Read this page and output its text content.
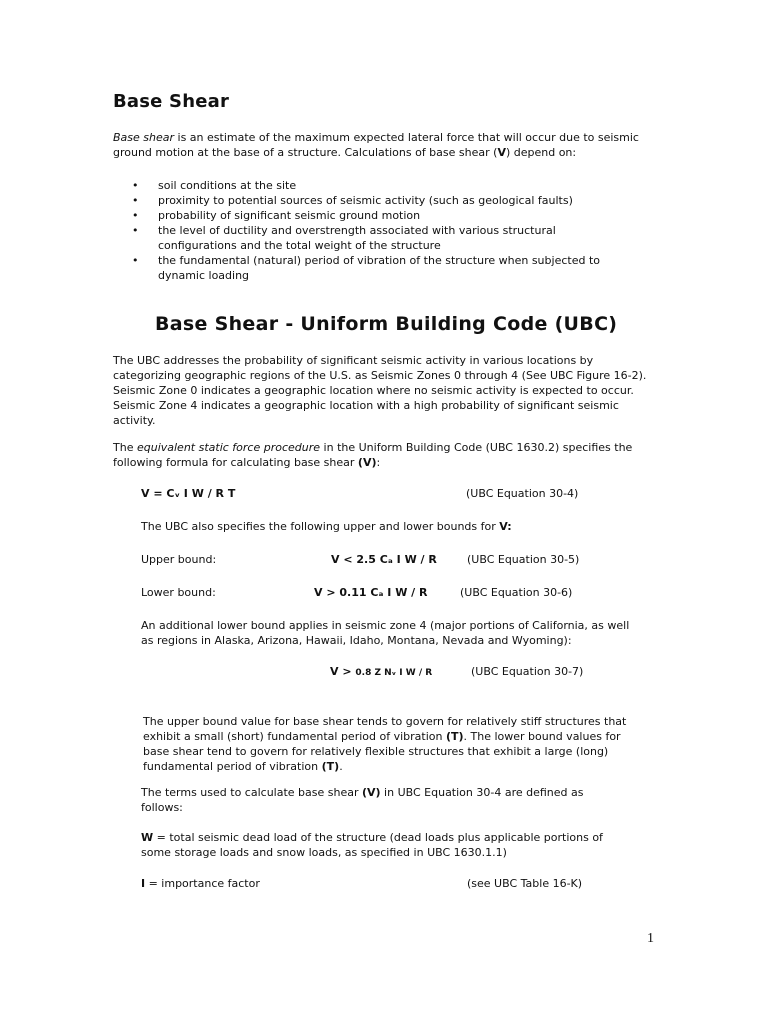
Base Shear

Base shear is an estimate of the maximum expected lateral force that will occur due to seismic ground motion at the base of a structure. Calculations of base shear (V) depend on:

• soil conditions at the site
• proximity to potential sources of seismic activity (such as geological faults)
• probability of significant seismic ground motion
• the level of ductility and overstrength associated with various structural configurations and the total weight of the structure
• the fundamental (natural) period of vibration of the structure when subjected to dynamic loading
Base Shear - Uniform Building Code (UBC)

The UBC addresses the probability of significant seismic activity in various locations by categorizing geographic regions of the U.S. as Seismic Zones 0 through 4 (See UBC Figure 16-2). Seismic Zone 0 indicates a geographic location where no seismic activity is expected to occur. Seismic Zone 4 indicates a geographic location with a high probability of significant seismic activity.

The equivalent static force procedure in the Uniform Building Code (UBC 1630.2) specifies the following formula for calculating base shear (V):

V = Cᵥ I W / R T	(UBC Equation 30-4)

The UBC also specifies the following upper and lower bounds for V:

Upper bound:	V < 2.5 Cₐ I W / R	(UBC Equation 30-5)
Lower bound:	V > 0.11 Cₐ I W / R	(UBC Equation 30-6)

An additional lower bound applies in seismic zone 4 (major portions of California, as well as regions in Alaska, Arizona, Hawaii, Idaho, Montana, Nevada and Wyoming):

V > 0.8 Z Nᵥ I W / R	(UBC Equation 30-7)

The upper bound value for base shear tends to govern for relatively stiff structures that exhibit a small (short) fundamental period of vibration (T). The lower bound values for base shear tend to govern for relatively flexible structures that exhibit a large (long) fundamental period of vibration (T).

The terms used to calculate base shear (V) in UBC Equation 30-4 are defined as follows:

W = total seismic dead load of the structure (dead loads plus applicable portions of some storage loads and snow loads, as specified in UBC 1630.1.1)

I = importance factor	(see UBC Table 16-K)
1
